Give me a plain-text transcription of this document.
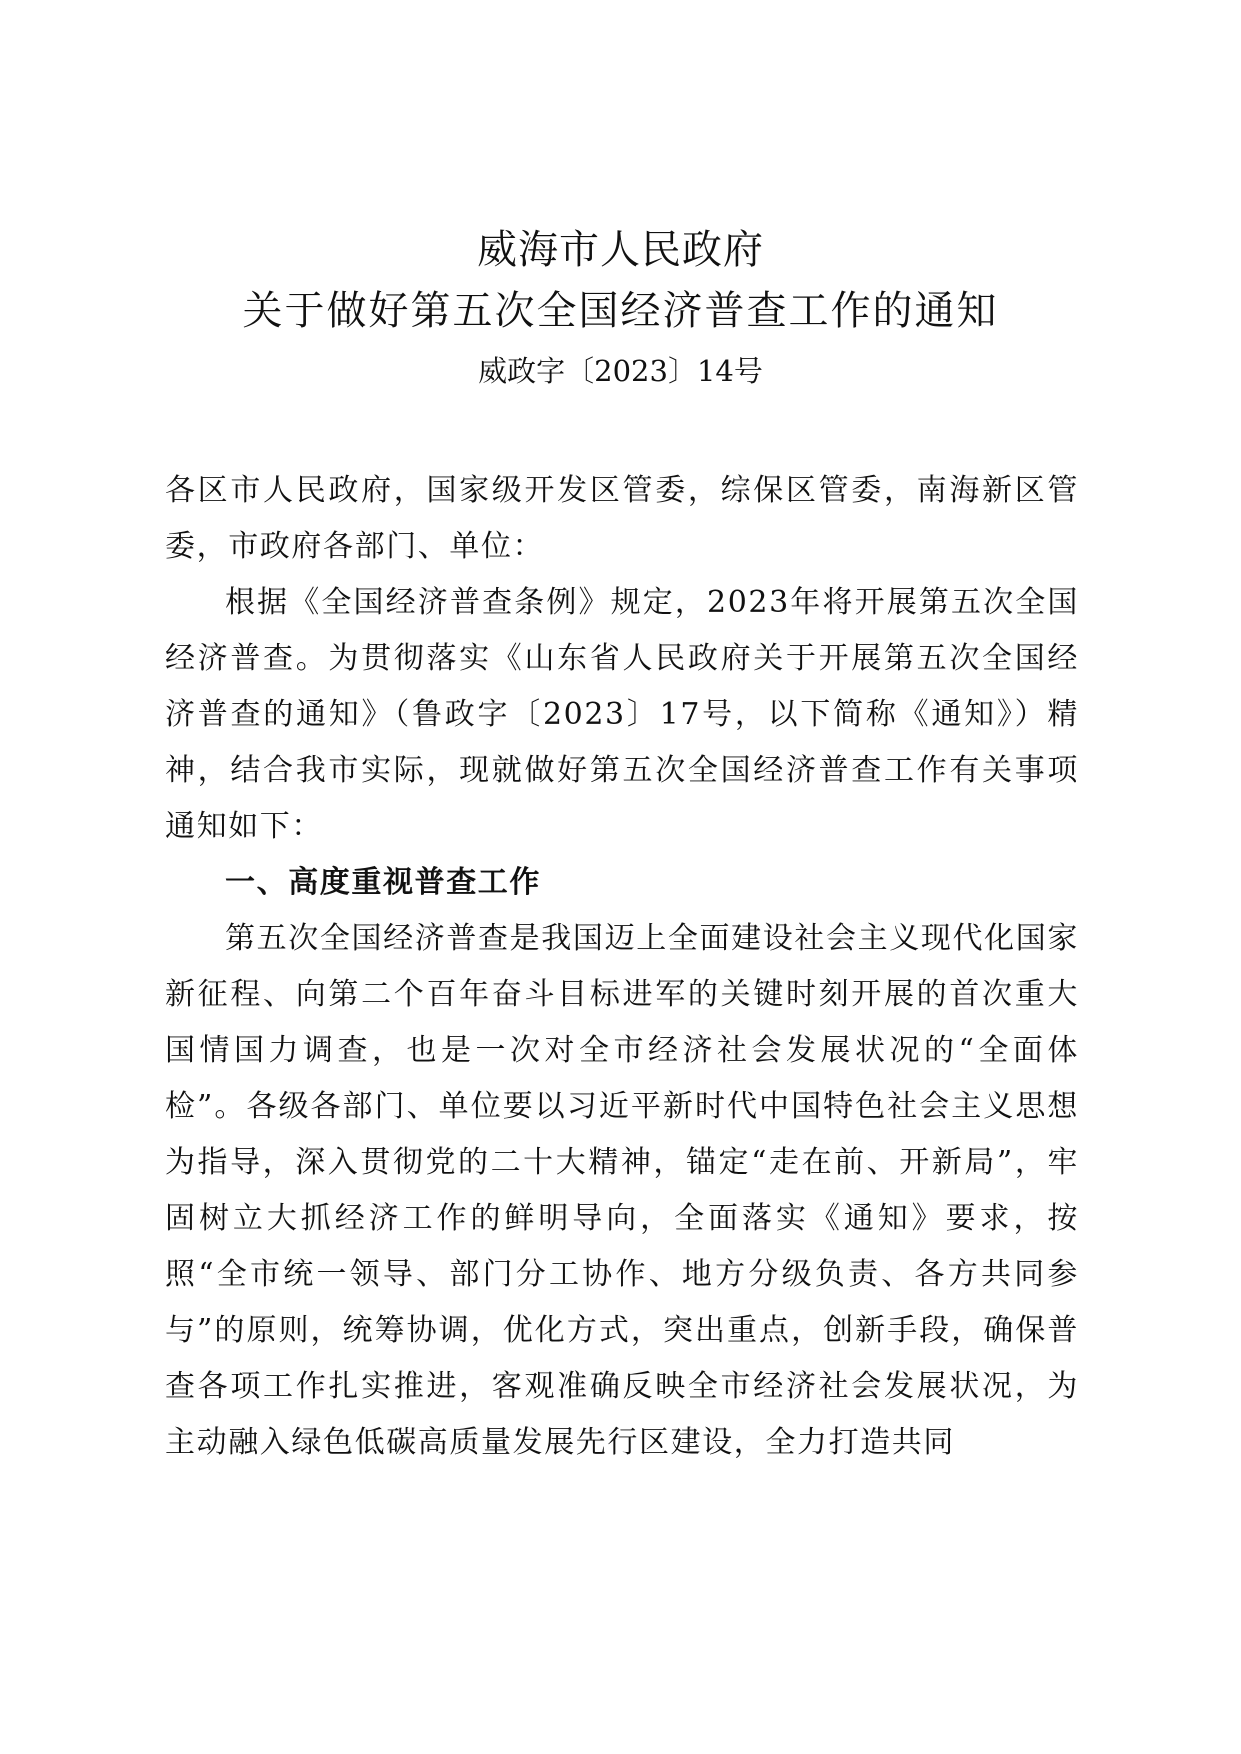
威海市人民政府
关于做好第五次全国经济普查工作的通知
威政字〔2023〕14号

各区市人民政府，国家级开发区管委，综保区管委，南海新区管委，市政府各部门、单位：

根据《全国经济普查条例》规定，2023年将开展第五次全国经济普查。为贯彻落实《山东省人民政府关于开展第五次全国经济普查的通知》（鲁政字〔2023〕17号，以下简称《通知》）精神，结合我市实际，现就做好第五次全国经济普查工作有关事项通知如下：

一、高度重视普查工作

第五次全国经济普查是我国迈上全面建设社会主义现代化国家新征程、向第二个百年奋斗目标进军的关键时刻开展的首次重大国情国力调查，也是一次对全市经济社会发展状况的“全面体检”。各级各部门、单位要以习近平新时代中国特色社会主义思想为指导，深入贯彻党的二十大精神，锚定“走在前、开新局”，牢固树立大抓经济工作的鲜明导向，全面落实《通知》要求，按照“全市统一领导、部门分工协作、地方分级负责、各方共同参与”的原则，统筹协调，优化方式，突出重点，创新手段，确保普查各项工作扎实推进，客观准确反映全市经济社会发展状况，为主动融入绿色低碳高质量发展先行区建设，全力打造共同
